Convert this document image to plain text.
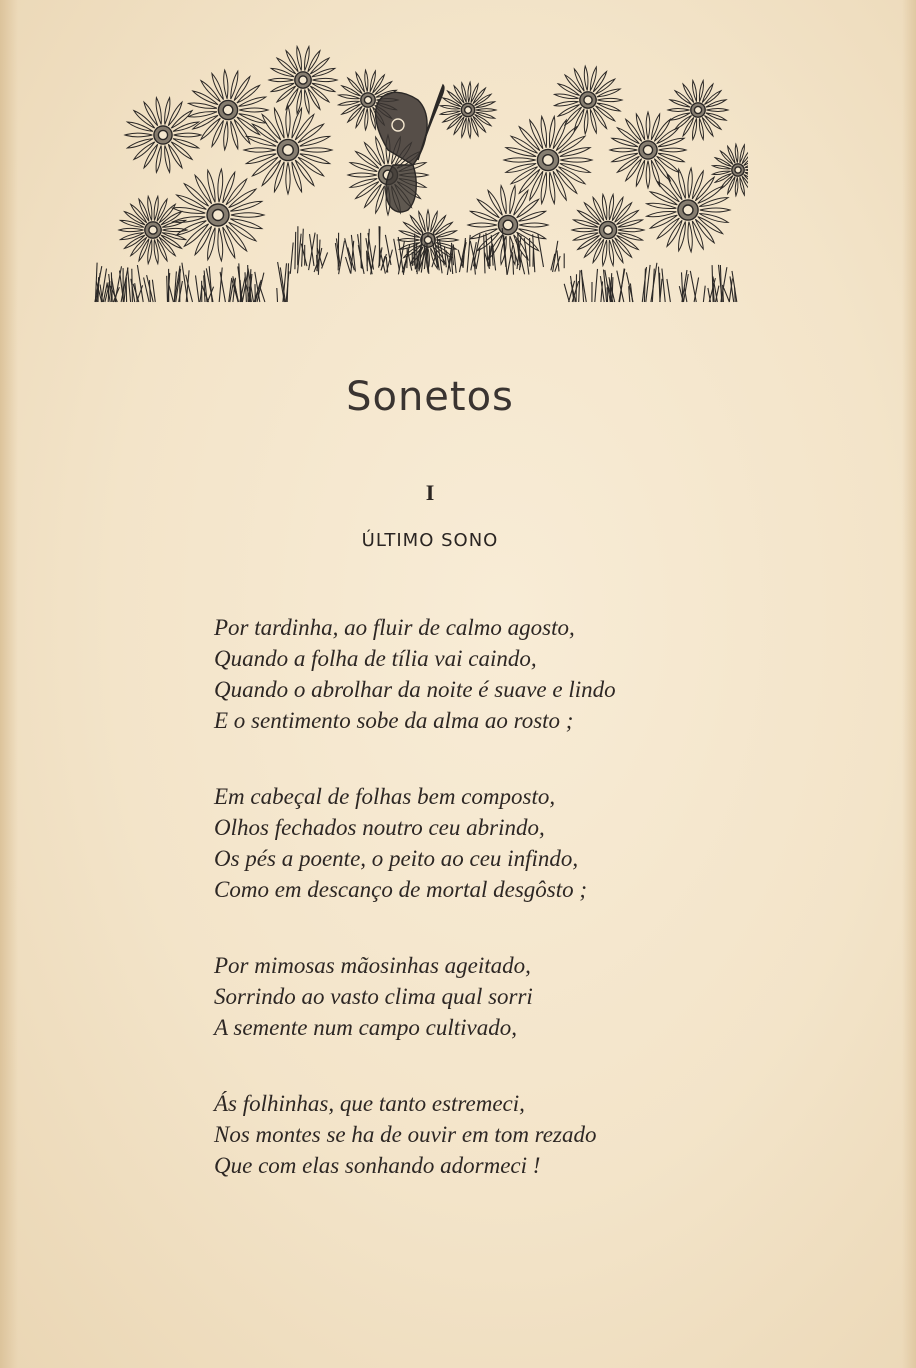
Sonetos
I
ÚLTIMO SONO
Por tardinha, ao fluir de calmo agosto,
Quando a folha de tília vai caindo,
Quando o abrolhar da noite é suave e lindo
E o sentimento sobe da alma ao rosto ;
Em cabeçal de folhas bem composto,
Olhos fechados noutro ceu abrindo,
Os pés a poente, o peito ao ceu infindo,
Como em descanço de mortal desgôsto ;
Por mimosas mãosinhas ageitado,
Sorrindo ao vasto clima qual sorri
A semente num campo cultivado,
Ás folhinhas, que tanto estremeci,
Nos montes se ha de ouvir em tom rezado
Que com elas sonhando adormeci !
